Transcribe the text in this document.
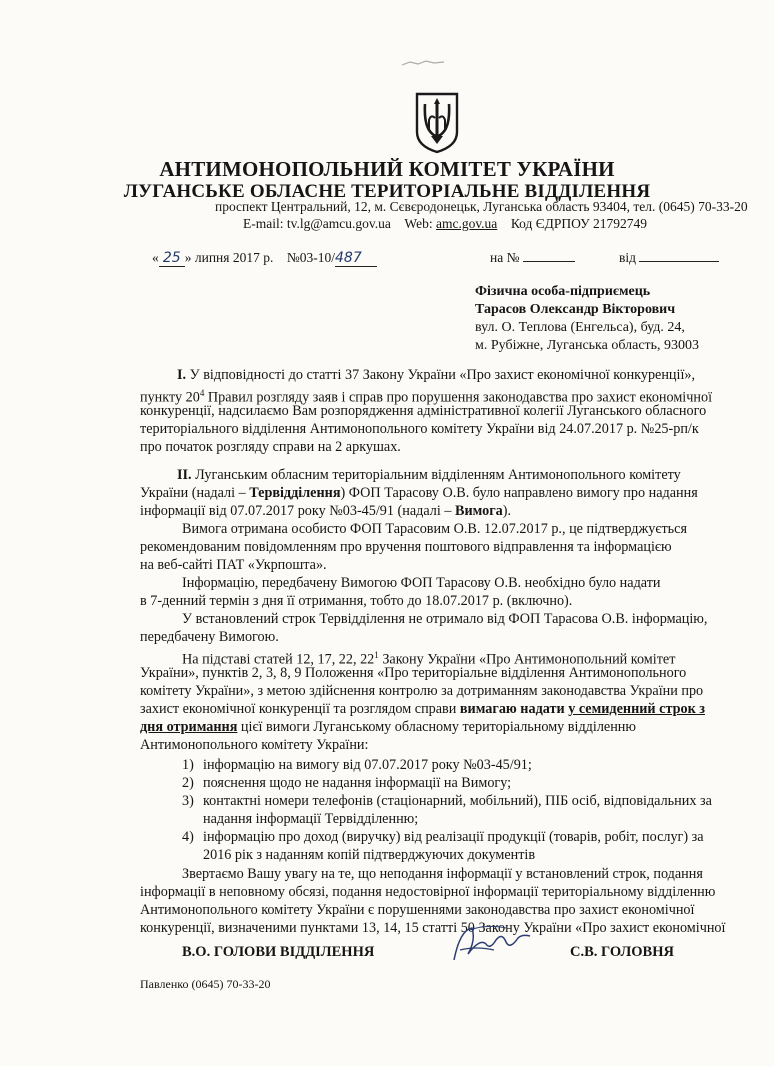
АНТИМОНОПОЛЬНИЙ КОМІТЕТ УКРАЇНИ
ЛУГАНСЬКЕ ОБЛАСНЕ ТЕРИТОРІАЛЬНЕ ВІДДІЛЕННЯ
проспект Центральний, 12, м. Сєвєродонецьк, Луганська область 93404, тел. (0645) 70-33-20
E-mail: tv.lg@amcu.gov.ua Web: amc.gov.ua Код ЄДРПОУ 21792749
« 25 » липня 2017 р. №03-10/487	на №	від
Фізична особа-підприємець
Тарасов Олександр Вікторович
вул. О. Теплова (Енгельса), буд. 24,
м. Рубіжне, Луганська область, 93003
I. У відповідності до статті 37 Закону України «Про захист економічної конкуренції»,
пункту $20^4$ Правил розгляду заяв і справ про порушення законодавства про захист економічної
конкуренції, надсилаємо Вам розпорядження адміністративної колегії Луганського обласного
територіального відділення Антимонопольного комітету України від 24.07.2017 р. №25-рп/к
про початок розгляду справи на 2 аркушах.
II. Луганським обласним територіальним відділенням Антимонопольного комітету
України (надалі – Тервідділення) ФОП Тарасову О.В. було направлено вимогу про надання
інформації від 07.07.2017 року №03-45/91 (надалі – Вимога).
Вимога отримана особисто ФОП Тарасовим О.В. 12.07.2017 р., це підтверджується
рекомендованим повідомленням про вручення поштового відправлення та інформацією
на веб-сайті ПАТ «Укрпошта».
Інформацію, передбачену Вимогою ФОП Тарасову О.В. необхідно було надати
в 7-денний термін з дня її отримання, тобто до 18.07.2017 р. (включно).
У встановлений строк Тервідділення не отримало від ФОП Тарасова О.В. інформацію,
передбачену Вимогою.
На підставі статей 12, 17, 22, $22^1$ Закону України «Про Антимонопольний комітет
України», пунктів 2, 3, 8, 9 Положення «Про територіальне відділення Антимонопольного
комітету України», з метою здійснення контролю за дотриманням законодавства України про
захист економічної конкуренції та розглядом справи вимагаю надати у семиденний строк з
дня отримання цієї вимоги Луганському обласному територіальному відділенню
Антимонопольного комітету України:
1) інформацію на вимогу від 07.07.2017 року №03-45/91;
2) пояснення щодо не надання інформації на Вимогу;
3) контактні номери телефонів (стаціонарний, мобільний), ПІБ осіб, відповідальних за
надання інформації Тервідділенню;
4) інформацію про доход (виручку) від реалізації продукції (товарів, робіт, послуг) за
2016 рік з наданням копій підтверджуючих документів
Звертаємо Вашу увагу на те, що неподання інформації у встановлений строк, подання
інформації в неповному обсязі, подання недостовірної інформації територіальному відділенню
Антимонопольного комітету України є порушеннями законодавства про захист економічної
конкуренції, визначеними пунктами 13, 14, 15 статті 50 Закону України «Про захист економічної
В.О. ГОЛОВИ ВІДДІЛЕННЯ	С.В. ГОЛОВНЯ
Павленко (0645) 70-33-20
